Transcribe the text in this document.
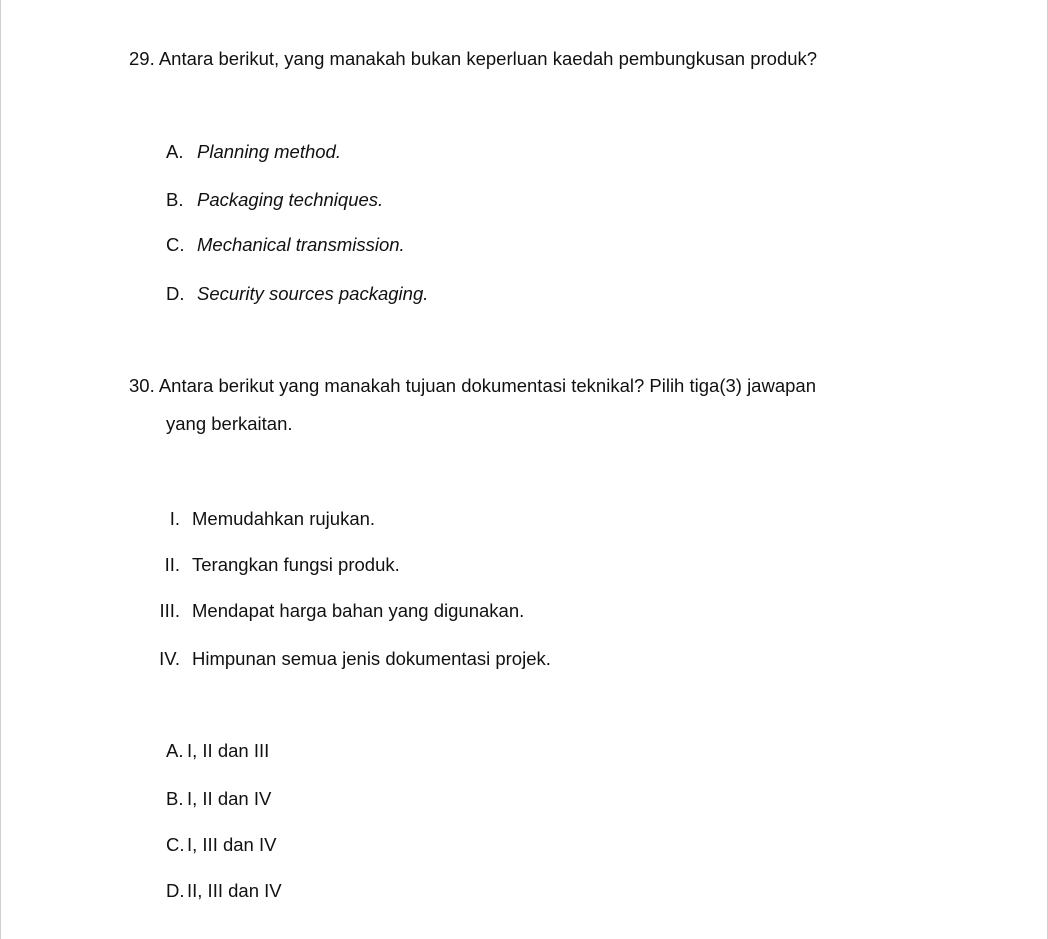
29. Antara berikut, yang manakah bukan keperluan kaedah pembungkusan produk?
A. Planning method.
B. Packaging techniques.
C. Mechanical transmission.
D. Security sources packaging.
30. Antara berikut yang manakah tujuan dokumentasi teknikal? Pilih tiga(3) jawapan
yang berkaitan.
I. Memudahkan rujukan.
II. Terangkan fungsi produk.
III. Mendapat harga bahan yang digunakan.
IV. Himpunan semua jenis dokumentasi projek.
A. I, II dan III
B. I, II dan IV
C. I, III dan IV
D. II, III dan IV
